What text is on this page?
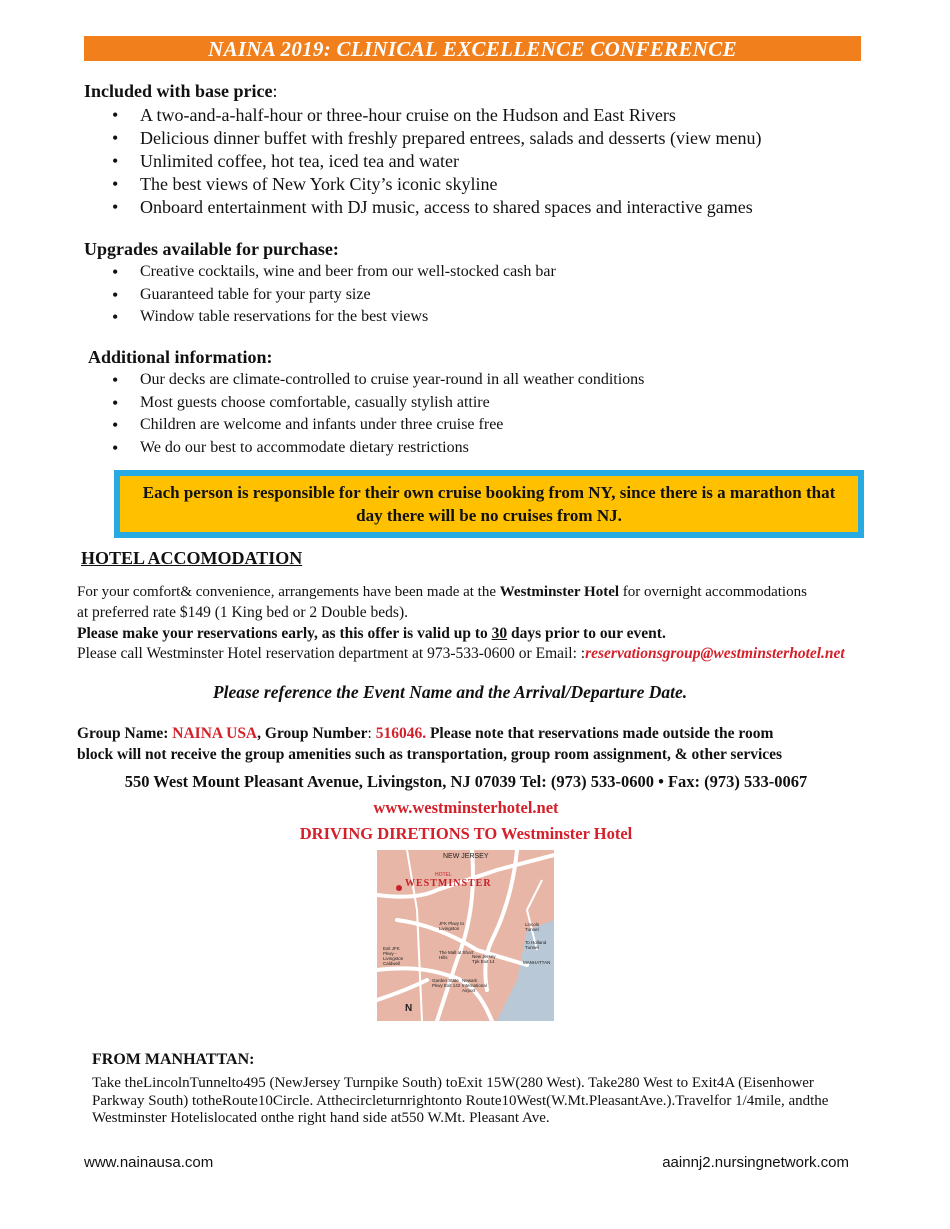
NAINA 2019: CLINICAL EXCELLENCE CONFERENCE
Included with base price:
• A two-and-a-half-hour or three-hour cruise on the Hudson and East Rivers
• Delicious dinner buffet with freshly prepared entrees, salads and desserts (view menu)
• Unlimited coffee, hot tea, iced tea and water
• The best views of New York City’s iconic skyline
• Onboard entertainment with DJ music, access to shared spaces and interactive games
Upgrades available for purchase:
• Creative cocktails, wine and beer from our well-stocked cash bar
• Guaranteed table for your party size
• Window table reservations for the best views
Additional information:
• Our decks are climate-controlled to cruise year-round in all weather conditions
• Most guests choose comfortable, casually stylish attire
• Children are welcome and infants under three cruise free
• We do our best to accommodate dietary restrictions
Each person is responsible for their own cruise booking from NY, since there is a marathon that day there will be no cruises from NJ.
HOTEL ACCOMODATION
For your comfort& convenience, arrangements have been made at the Westminster Hotel for overnight accommodations
at preferred rate $149 (1 King bed or 2 Double beds).
Please make your reservations early, as this offer is valid up to 30 days prior to our event.
Please call Westminster Hotel reservation department at 973-533-0600 or Email: :reservationsgroup@westminsterhotel.net
Please reference the Event Name and the Arrival/Departure Date.
Group Name: NAINA USA, Group Number: 516046. Please note that reservations made outside the room
block will not receive the group amenities such as transportation, group room assignment, & other services
550 West Mount Pleasant Avenue, Livingston, NJ 07039 Tel: (973) 533-0600 • Fax: (973) 533-0067
www.westminsterhotel.net
DRIVING DIRETIONS TO Westminster Hotel
NEW JERSEY
HOTEL
WESTMINSTER
JFK Pkwy to Livingston
The Mall at Short Hills
Exit JFK Pkwy - Livingston Caldwell
Garden State Pkwy Exit 142
New Jersey Tpk Exit 14
Newark International Airport
Lincoln Tunnel
To Holland Tunnel
MANHATTAN
N
FROM MANHATTAN:
Take theLincolnTunnelto495 (NewJersey Turnpike South) toExit 15W(280 West). Take280 West to Exit4A (Eisenhower Parkway South) totheRoute10Circle. Atthecircleturnrightonto Route10West(W.Mt.PleasantAve.).Travelfor 1/4mile, andthe Westminster Hotelislocated onthe right hand side at550 W.Mt. Pleasant Ave.
www.nainausa.com	aainnj2.nursingnetwork.com
